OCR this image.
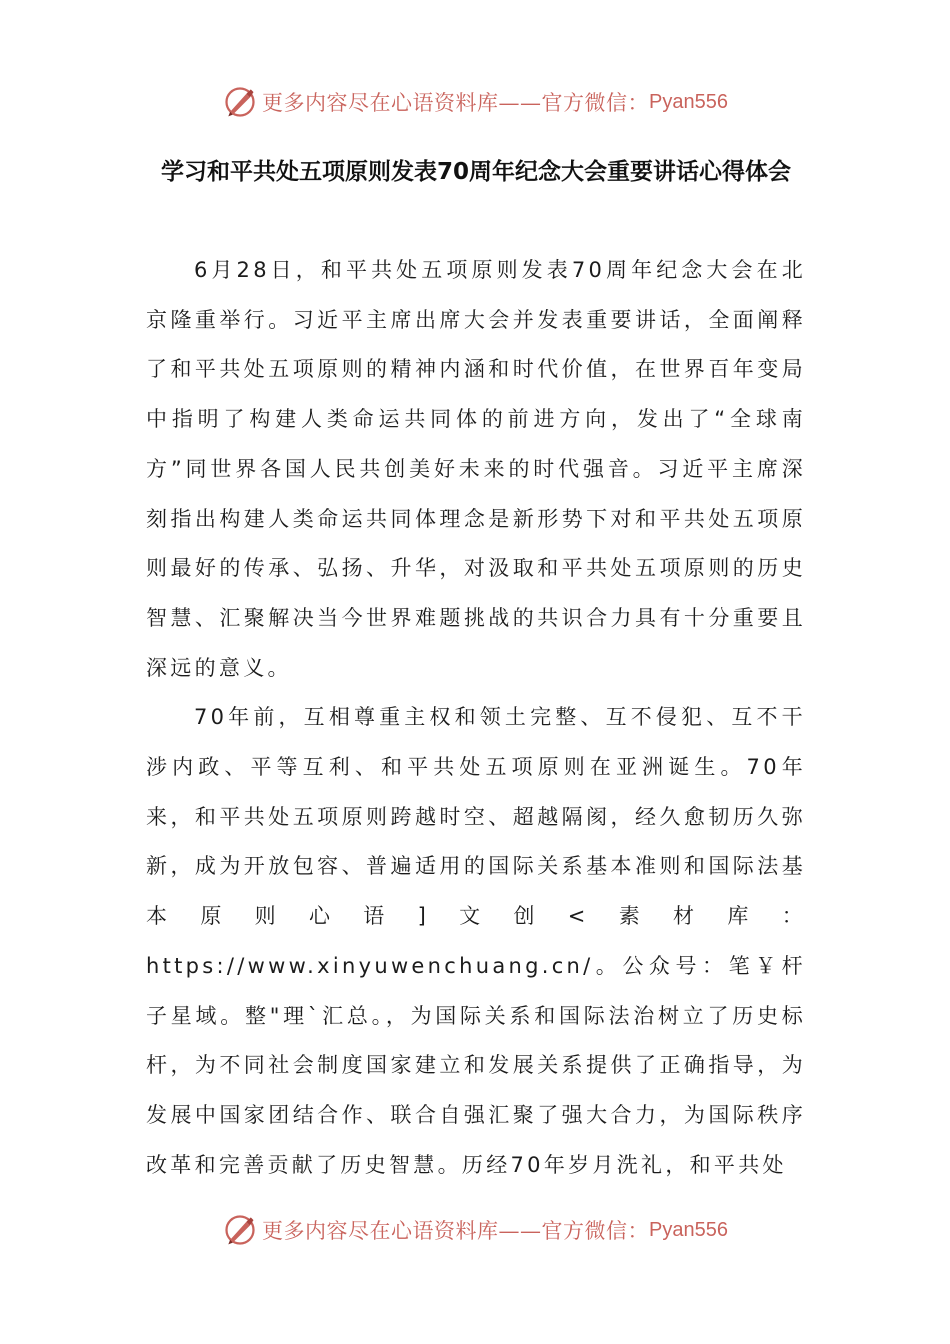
更多内容尽在心语资料库——官方微信： Pyan556
学习和平共处五项原则发表70周年纪念大会重要讲话心得体会

6月28日，和平共处五项原则发表70周年纪念大会在北京隆重举行。习近平主席出席大会并发表重要讲话，全面阐释了和平共处五项原则的精神内涵和时代价值，在世界百年变局中指明了构建人类命运共同体的前进方向，发出了“全球南方”同世界各国人民共创美好未来的时代强音。习近平主席深刻指出构建人类命运共同体理念是新形势下对和平共处五项原则最好的传承、弘扬、升华，对汲取和平共处五项原则的历史智慧、汇聚解决当今世界难题挑战的共识合力具有十分重要且深远的意义。

70年前，互相尊重主权和领土完整、互不侵犯、互不干涉内政、平等互利、和平共处五项原则在亚洲诞生。70年来，和平共处五项原则跨越时空、超越隔阂，经久愈韧历久弥新，成为开放包容、普遍适用的国际关系基本准则和国际法基本原则心语]文创<素材库：https://www.xinyuwenchuang.cn/。公众号：笔￥杆子星域。整"理`汇总。，为国际关系和国际法治树立了历史标杆，为不同社会制度国家建立和发展关系提供了正确指导，为发展中国家团结合作、联合自强汇聚了强大合力，为国际秩序改革和完善贡献了历史智慧。历经70年岁月洗礼，和平共处

更多内容尽在心语资料库——官方微信： Pyan556
